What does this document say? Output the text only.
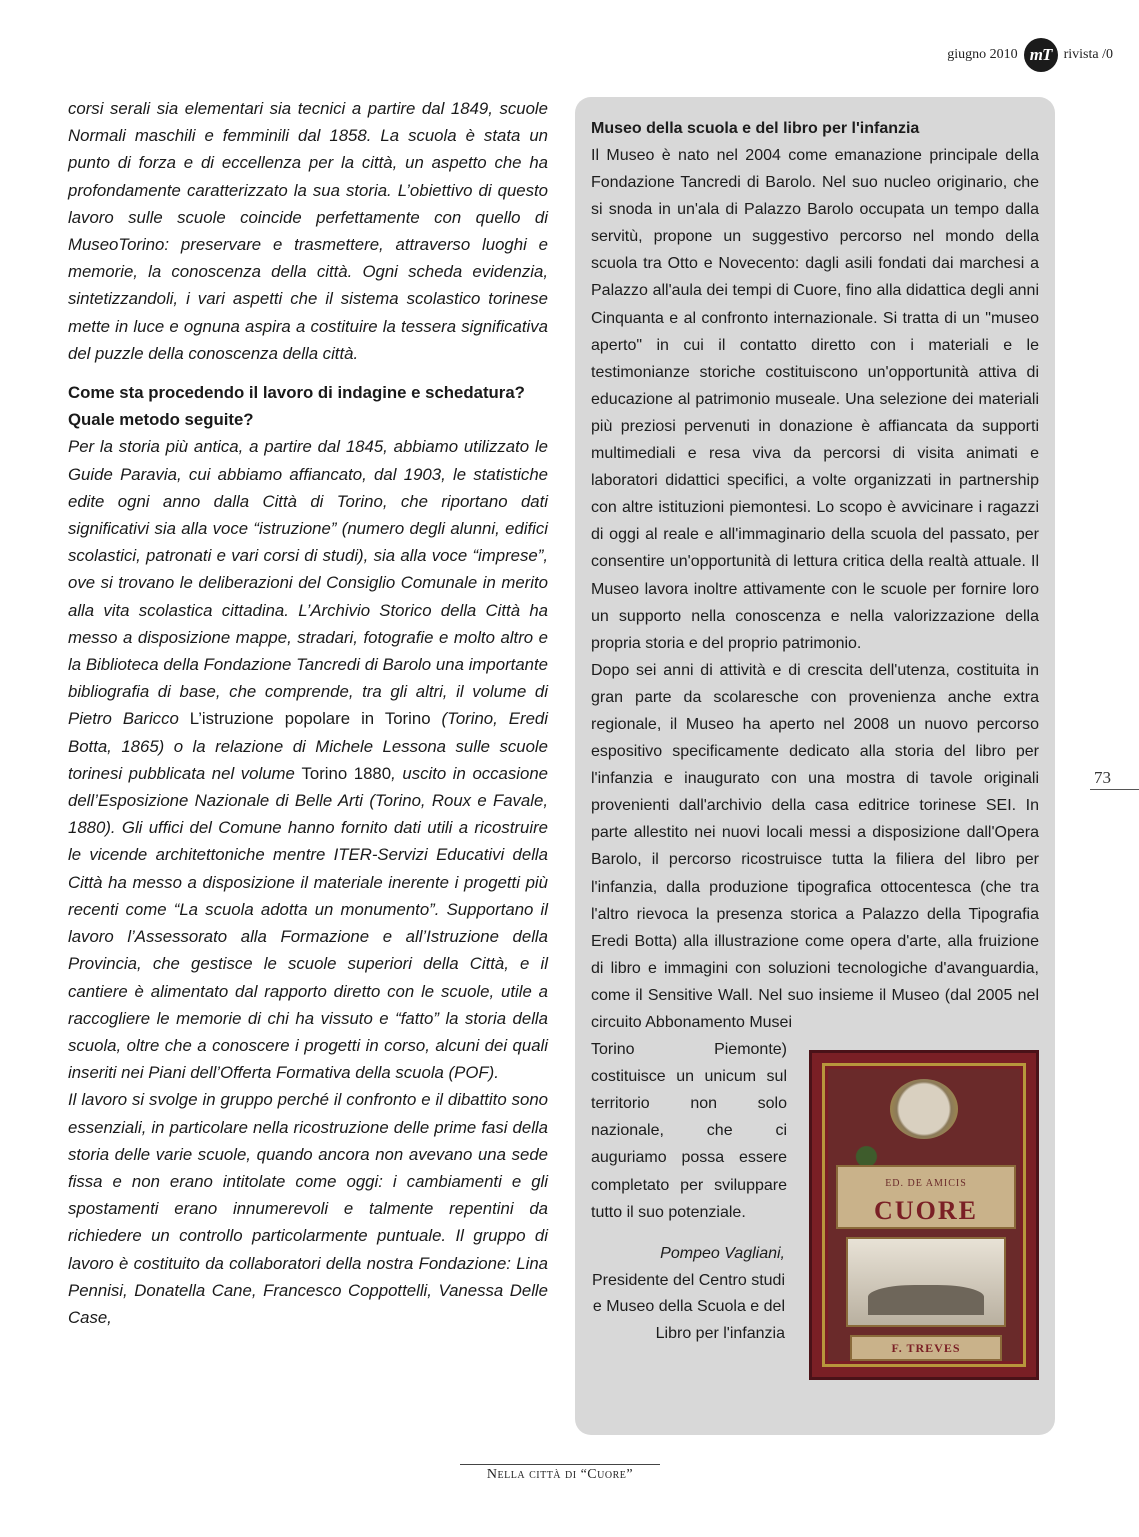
giugno 2010 mT rivista /0

corsi serali sia elementari sia tecnici a partire dal 1849, scuole Normali maschili e femminili dal 1858. La scuola è stata un punto di forza e di eccellenza per la città, un aspetto che ha profondamente caratterizzato la sua storia. L’obiettivo di questo lavoro sulle scuole coincide perfettamente con quello di MuseoTorino: preservare e trasmettere, attraverso luoghi e memorie, la conoscenza della città. Ogni scheda evidenzia, sintetizzandoli, i vari aspetti che il sistema scolastico torinese mette in luce e ognuna aspira a costituire la tessera significativa del puzzle della conoscenza della città.

Come sta procedendo il lavoro di indagine e schedatura? Quale metodo seguite?

Per la storia più antica, a partire dal 1845, abbiamo utilizzato le Guide Paravia, cui abbiamo affiancato, dal 1903, le statistiche edite ogni anno dalla Città di Torino, che riportano dati significativi sia alla voce “istruzione” (numero degli alunni, edifici scolastici, patronati e vari corsi di studi), sia alla voce “imprese”, ove si trovano le deliberazioni del Consiglio Comunale in merito alla vita scolastica cittadina. L’Archivio Storico della Città ha messo a disposizione mappe, stradari, fotografie e molto altro e la Biblioteca della Fondazione Tancredi di Barolo una importante bibliografia di base, che comprende, tra gli altri, il volume di Pietro Baricco L’istruzione popolare in Torino (Torino, Eredi Botta, 1865) o la relazione di Michele Lessona sulle scuole torinesi pubblicata nel volume Torino 1880, uscito in occasione dell’Esposizione Nazionale di Belle Arti (Torino, Roux e Favale, 1880). Gli uffici del Comune hanno fornito dati utili a ricostruire le vicende architettoniche mentre ITER-Servizi Educativi della Città ha messo a disposizione il materiale inerente i progetti più recenti come “La scuola adotta un monumento”. Supportano il lavoro l’Assessorato alla Formazione e all’Istruzione della Provincia, che gestisce le scuole superiori della Città, e il cantiere è alimentato dal rapporto diretto con le scuole, utile a raccogliere le memorie di chi ha vissuto e “fatto” la storia della scuola, oltre che a conoscere i progetti in corso, alcuni dei quali inseriti nei Piani dell’Offerta Formativa della scuola (POF).

Il lavoro si svolge in gruppo perché il confronto e il dibattito sono essenziali, in particolare nella ricostruzione delle prime fasi della storia delle varie scuole, quando ancora non avevano una sede fissa e non erano intitolate come oggi: i cambiamenti e gli spostamenti erano innumerevoli e talmente repentini da richiedere un controllo particolarmente puntuale. Il gruppo di lavoro è costituito da collaboratori della nostra Fondazione: Lina Pennisi, Donatella Cane, Francesco Coppottelli, Vanessa Delle Case,

Museo della scuola e del libro per l'infanzia

Il Museo è nato nel 2004 come emanazione principale della Fondazione Tancredi di Barolo. Nel suo nucleo originario, che si snoda in un'ala di Palazzo Barolo occupata un tempo dalla servitù, propone un suggestivo percorso nel mondo della scuola tra Otto e Novecento: dagli asili fondati dai marchesi a Palazzo all'aula dei tempi di Cuore, fino alla didattica degli anni Cinquanta e al confronto internazionale. Si tratta di un "museo aperto" in cui il contatto diretto con i materiali e le testimonianze storiche costituiscono un'opportunità attiva di educazione al patrimonio museale. Una selezione dei materiali più preziosi pervenuti in donazione è affiancata da supporti multimediali e resa viva da percorsi di visita animati e laboratori didattici specifici, a volte organizzati in partnership con altre istituzioni piemontesi. Lo scopo è avvicinare i ragazzi di oggi al reale e all'immaginario della scuola del passato, per consentire un'opportunità di lettura critica della realtà attuale. Il Museo lavora inoltre attivamente con le scuole per fornire loro un supporto nella conoscenza e nella valorizzazione della propria storia e del proprio patrimonio.

Dopo sei anni di attività e di crescita dell'utenza, costituita in gran parte da scolaresche con provenienza anche extra regionale, il Museo ha aperto nel 2008 un nuovo percorso espositivo specificamente dedicato alla storia del libro per l'infanzia e inaugurato con una mostra di tavole originali provenienti dall'archivio della casa editrice torinese SEI. In parte allestito nei nuovi locali messi a disposizione dall'Opera Barolo, il percorso ricostruisce tutta la filiera del libro per l'infanzia, dalla produzione tipografica ottocentesca (che tra l'altro rievoca la presenza storica a Palazzo della Tipografia Eredi Botta) alla illustrazione come opera d'arte, alla fruizione di libro e immagini con soluzioni tecnologiche d'avanguardia, come il Sensitive Wall. Nel suo insieme il Museo (dal 2005 nel circuito Abbonamento Musei

Torino Piemonte) costituisce un unicum sul territorio non solo nazionale, che ci auguriamo possa essere completato per sviluppare tutto il suo potenziale.

Pompeo Vagliani,
Presidente del Centro studi e Museo della Scuola e del Libro per l'infanzia
ED. DE AMICIS
CUORE
F. TREVES
73
Nella città di “Cuore”
